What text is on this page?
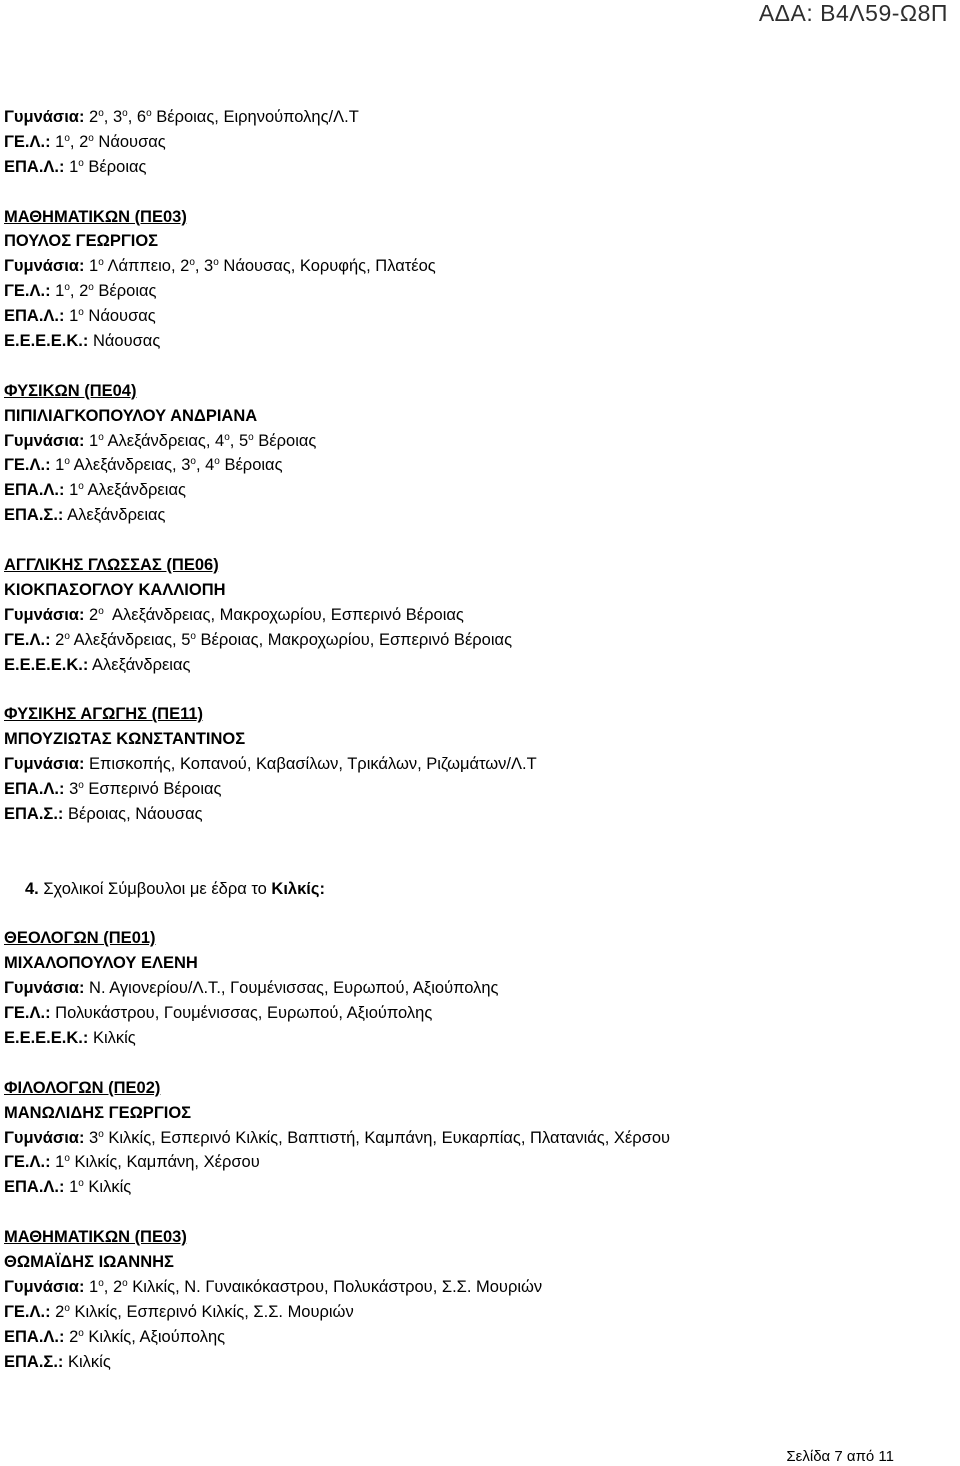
ΑΔΑ: Β4Λ59-Ω8Π
Γυμνάσια: $2^o$, $3^o$, $6^o$ Βέροιας, Ειρηνούπολης/Λ.Τ
ΓΕ.Λ.: $1^o$, $2^o$ Νάουσας
ΕΠΑ.Λ.: $1^o$ Βέροιας
ΜΑΘΗΜΑΤΙΚΩΝ (ΠΕ03)
ΠΟΥΛΟΣ ΓΕΩΡΓΙΟΣ
Γυμνάσια: $1^o$ Λάππειο, $2^o$, $3^o$ Νάουσας, Κορυφής, Πλατέος
ΓΕ.Λ.: $1^o$, $2^o$ Βέροιας
ΕΠΑ.Λ.: $1^o$ Νάουσας
Ε.Ε.Ε.Ε.Κ.: Νάουσας
ΦΥΣΙΚΩΝ (ΠΕ04)
ΠΙΠΙΛΙΑΓΚΟΠΟΥΛΟΥ ΑΝΔΡΙΑΝΑ
Γυμνάσια: $1^o$ Αλεξάνδρειας, $4^o$, $5^o$ Βέροιας
ΓΕ.Λ.: $1^o$ Αλεξάνδρειας, $3^o$, $4^o$ Βέροιας
ΕΠΑ.Λ.: $1^o$ Αλεξάνδρειας
ΕΠΑ.Σ.: Αλεξάνδρειας
ΑΓΓΛΙΚΗΣ ΓΛΩΣΣΑΣ (ΠΕ06)
ΚΙΟΚΠΑΣΟΓΛΟΥ ΚΑΛΛΙΟΠΗ
Γυμνάσια: $2^o$  Αλεξάνδρειας, Μακροχωρίου, Εσπερινό Βέροιας
ΓΕ.Λ.: $2^o$ Αλεξάνδρειας, $5^o$ Βέροιας, Μακροχωρίου, Εσπερινό Βέροιας
Ε.Ε.Ε.Ε.Κ.: Αλεξάνδρειας
ΦΥΣΙΚΗΣ ΑΓΩΓΗΣ (ΠΕ11)
ΜΠΟΥΖΙΩΤΑΣ ΚΩΝΣΤΑΝΤΙΝΟΣ
Γυμνάσια: Επισκοπής, Κοπανού, Καβασίλων, Τρικάλων, Ριζωμάτων/Λ.Τ
ΕΠΑ.Λ.: $3^o$ Εσπερινό Βέροιας
ΕΠΑ.Σ.: Βέροιας, Νάουσας
4. Σχολικοί Σύμβουλοι με έδρα το Κιλκίς:
ΘΕΟΛΟΓΩΝ (ΠΕ01)
ΜΙΧΑΛΟΠΟΥΛΟΥ ΕΛΕΝΗ
Γυμνάσια: Ν. Αγιονερίου/Λ.Τ., Γουμένισσας, Ευρωπού, Αξιούπολης
ΓΕ.Λ.: Πολυκάστρου, Γουμένισσας, Ευρωπού, Αξιούπολης
Ε.Ε.Ε.Ε.Κ.: Κιλκίς
ΦΙΛΟΛΟΓΩΝ (ΠΕ02)
ΜΑΝΩΛΙΔΗΣ ΓΕΩΡΓΙΟΣ
Γυμνάσια: $3^o$ Κιλκίς, Εσπερινό Κιλκίς, Βαπτιστή, Καμπάνη, Ευκαρπίας, Πλατανιάς, Χέρσου
ΓΕ.Λ.: $1^o$ Κιλκίς, Καμπάνη, Χέρσου
ΕΠΑ.Λ.: $1^o$ Κιλκίς
ΜΑΘΗΜΑΤΙΚΩΝ (ΠΕ03)
ΘΩΜΑΪΔΗΣ ΙΩΑΝΝΗΣ
Γυμνάσια: $1^o$, $2^o$ Κιλκίς, Ν. Γυναικόκαστρου, Πολυκάστρου, Σ.Σ. Μουριών
ΓΕ.Λ.: $2^o$ Κιλκίς, Εσπερινό Κιλκίς, Σ.Σ. Μουριών
ΕΠΑ.Λ.: $2^o$ Κιλκίς, Αξιούπολης
ΕΠΑ.Σ.: Κιλκίς
Σελίδα 7 από 11
